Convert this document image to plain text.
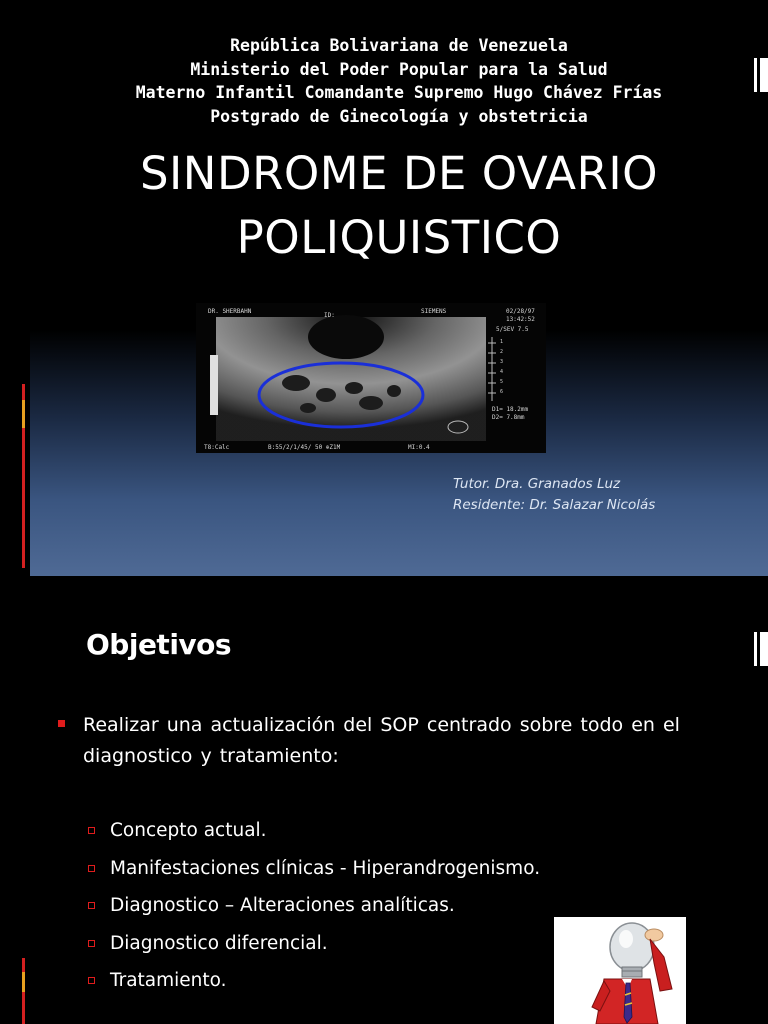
República Bolivariana de Venezuela
Ministerio del Poder Popular para la Salud
Materno Infantil Comandante Supremo Hugo Chávez Frías
Postgrado de Ginecología y obstetricia
SINDROME DE OVARIO
POLIQUISTICO
DR. SHERBAHN
ID:
SIEMENS	02/28/97
13:42:52
5/SEV 7.5
D1= 18.2mm
D2= 7.8mm
T8:Calc	B:55/2/1/45/ 50 ⊕Z1M	MI:0.4
1
2
3
4
5
6
Tutor. Dra. Granados Luz
Residente: Dr. Salazar Nicolás
Objetivos
Realizar una actualización del SOP centrado sobre todo en el diagnostico y tratamiento:
Concepto actual.
Manifestaciones clínicas - Hiperandrogenismo.
Diagnostico – Alteraciones analíticas.
Diagnostico diferencial.
Tratamiento.
